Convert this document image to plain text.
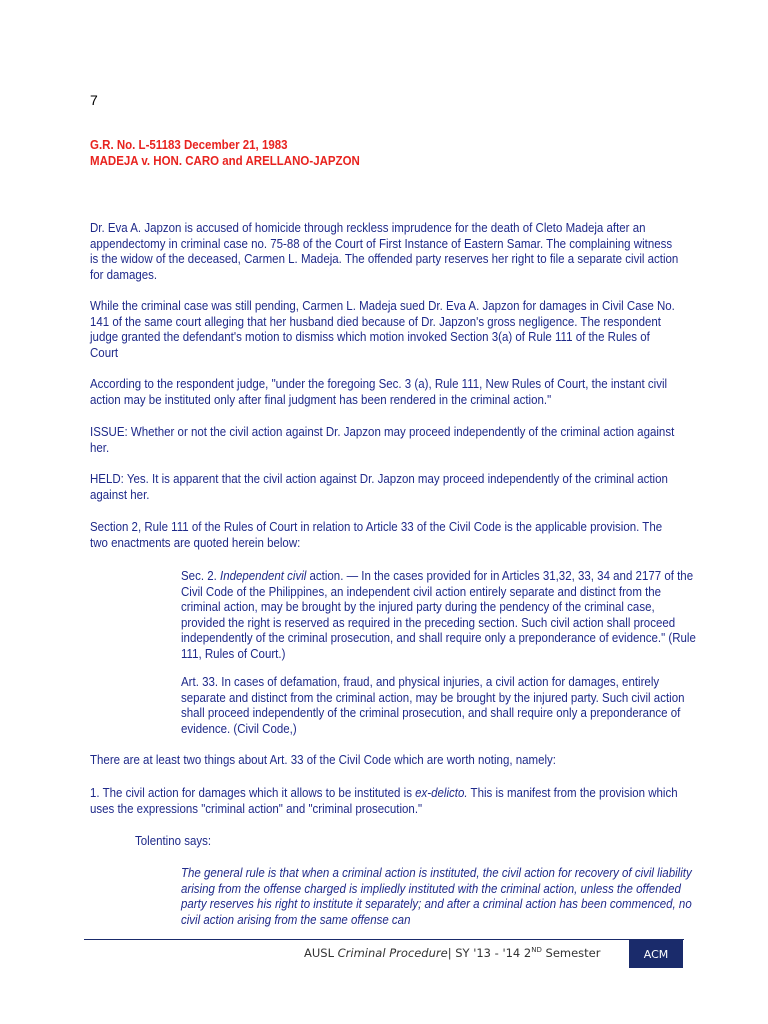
7
G.R. No. L-51183 December 21, 1983
MADEJA v. HON. CARO and ARELLANO-JAPZON

Dr. Eva A. Japzon is accused of homicide through reckless imprudence for the death of Cleto Madeja after an appendectomy in criminal case no. 75-88 of the Court of First Instance of Eastern Samar. The complaining witness is the widow of the deceased, Carmen L. Madeja. The offended party reserves her right to file a separate civil action for damages.

While the criminal case was still pending, Carmen L. Madeja sued Dr. Eva A. Japzon for damages in Civil Case No. 141 of the same court alleging that her husband died because of Dr. Japzon's gross negligence. The respondent judge granted the defendant's motion to dismiss which motion invoked Section 3(a) of Rule 111 of the Rules of Court

According to the respondent judge, "under the foregoing Sec. 3 (a), Rule 111, New Rules of Court, the instant civil action may be instituted only after final judgment has been rendered in the criminal action."

ISSUE: Whether or not the civil action against Dr. Japzon may proceed independently of the criminal action against her.

HELD: Yes. It is apparent that the civil action against Dr. Japzon may proceed independently of the criminal action against her.

Section 2, Rule 111 of the Rules of Court in relation to Article 33 of the Civil Code is the applicable provision. The two enactments are quoted herein below:

Sec. 2. Independent civil action. — In the cases provided for in Articles 31,32, 33, 34 and 2177 of the Civil Code of the Philippines, an independent civil action entirely separate and distinct from the criminal action, may be brought by the injured party during the pendency of the criminal case, provided the right is reserved as required in the preceding section. Such civil action shall proceed independently of the criminal prosecution, and shall require only a preponderance of evidence." (Rule 111, Rules of Court.)

Art. 33. In cases of defamation, fraud, and physical injuries, a civil action for damages, entirely separate and distinct from the criminal action, may be brought by the injured party. Such civil action shall proceed independently of the criminal prosecution, and shall require only a preponderance of evidence. (Civil Code,)

There are at least two things about Art. 33 of the Civil Code which are worth noting, namely:

1. The civil action for damages which it allows to be instituted is ex-delicto. This is manifest from the provision which uses the expressions "criminal action" and "criminal prosecution."

Tolentino says:

The general rule is that when a criminal action is instituted, the civil action for recovery of civil liability arising from the offense charged is impliedly instituted with the criminal action, unless the offended party reserves his right to institute it separately; and after a criminal action has been commenced, no civil action arising from the same offense can

AUSL Criminal Procedure| SY '13 - '14 2ND Semester	ACM
